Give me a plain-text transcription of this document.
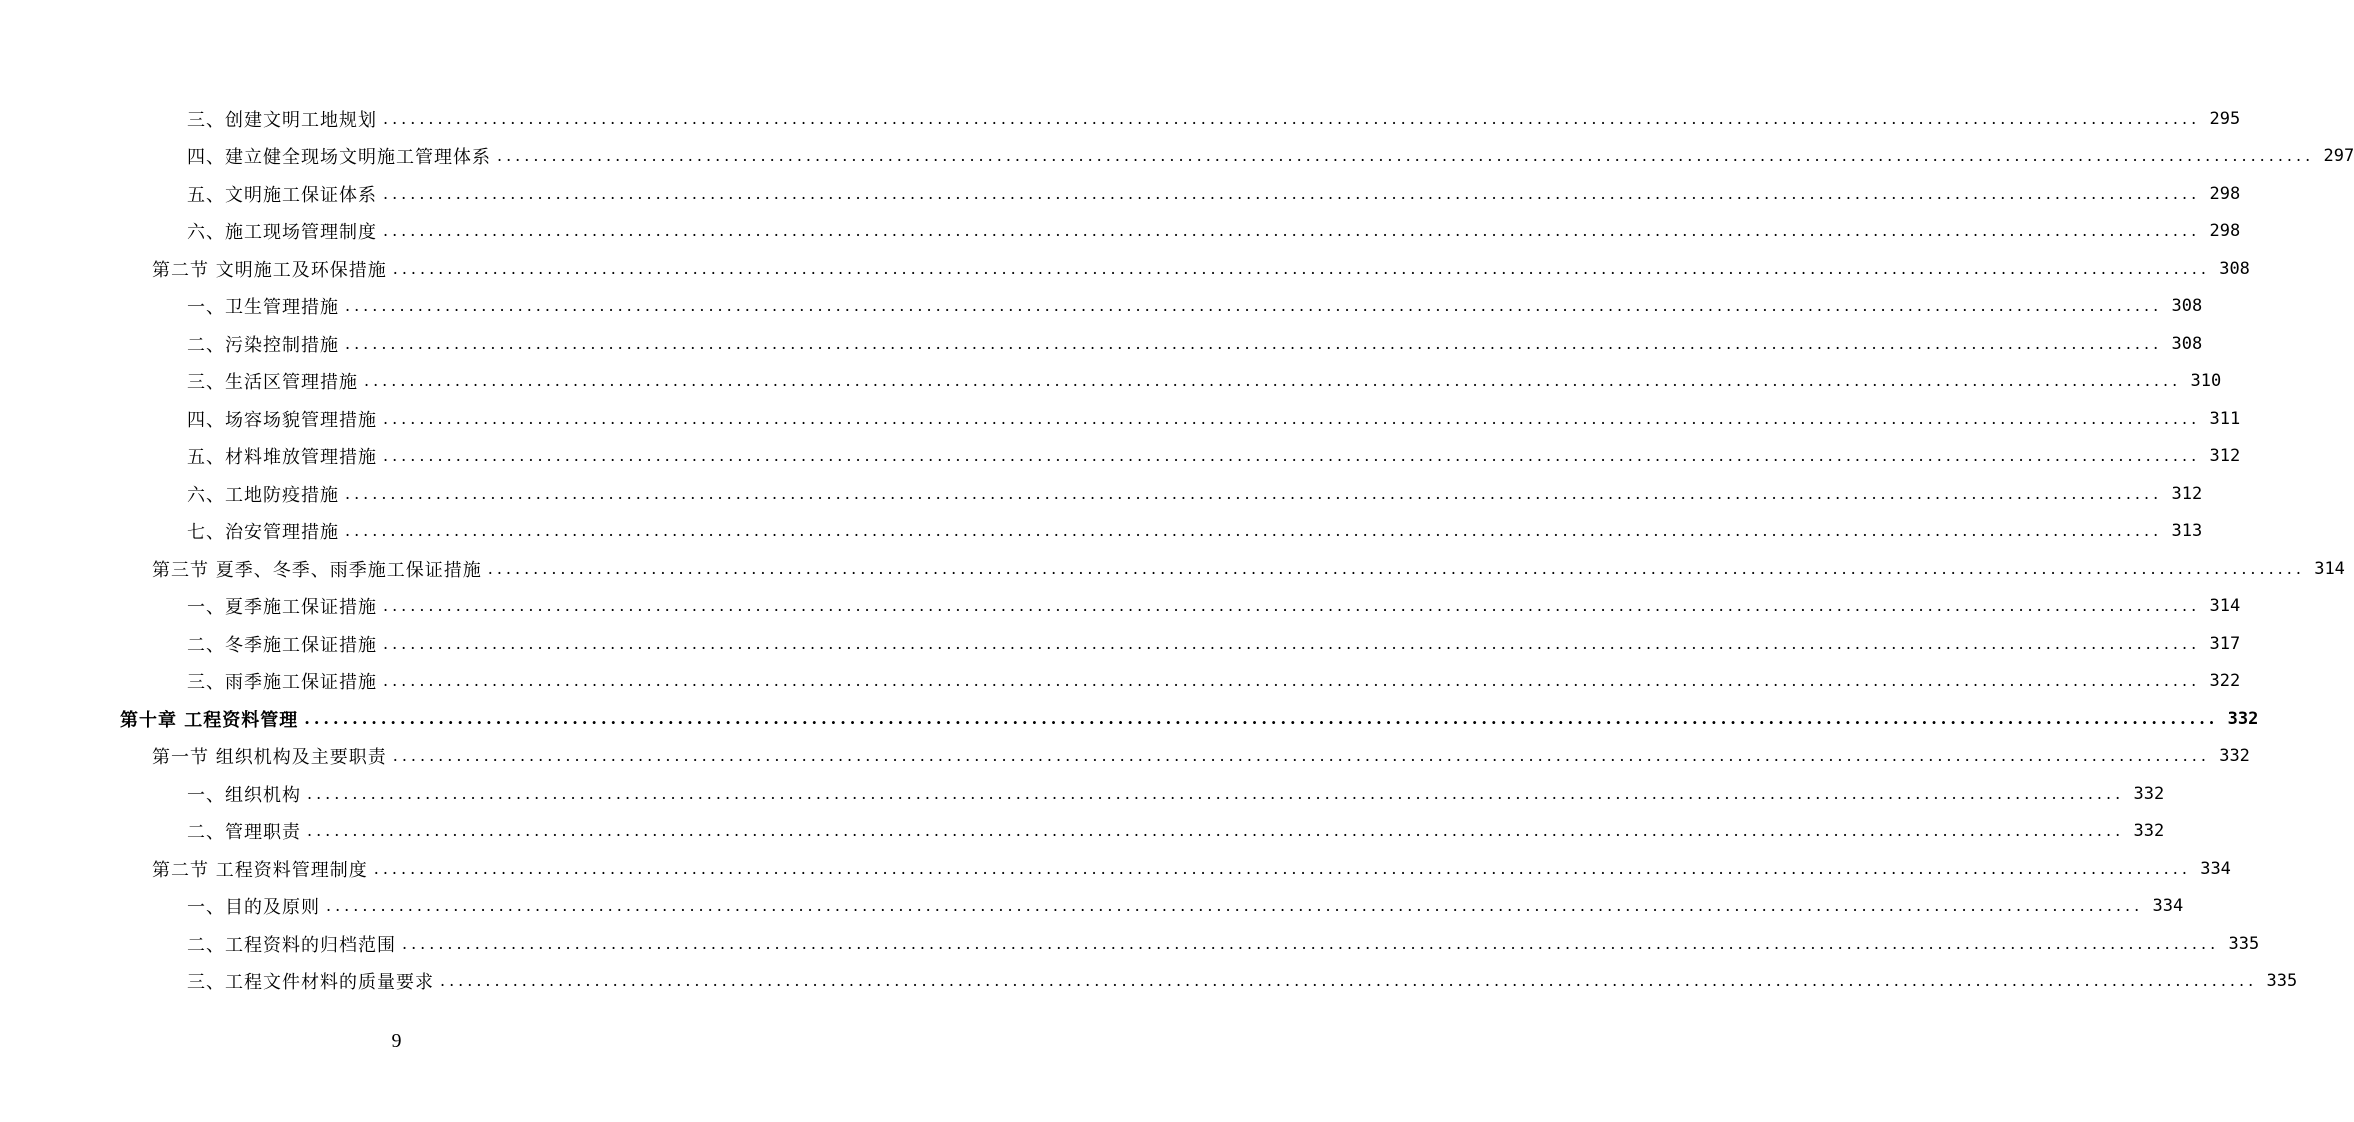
三、创建文明工地规划 ........................................................................................................................................................................................................ 295
四、建立健全现场文明施工管理体系 ........................................................................................................................................................................................................ 297
五、文明施工保证体系 ........................................................................................................................................................................................................ 298
六、施工现场管理制度 ........................................................................................................................................................................................................ 298
第二节 文明施工及环保措施 ........................................................................................................................................................................................................ 308
一、卫生管理措施 ........................................................................................................................................................................................................ 308
二、污染控制措施 ........................................................................................................................................................................................................ 308
三、生活区管理措施 ........................................................................................................................................................................................................ 310
四、场容场貌管理措施 ........................................................................................................................................................................................................ 311
五、材料堆放管理措施 ........................................................................................................................................................................................................ 312
六、工地防疫措施 ........................................................................................................................................................................................................ 312
七、治安管理措施 ........................................................................................................................................................................................................ 313
第三节 夏季、冬季、雨季施工保证措施 ........................................................................................................................................................................................................ 314
一、夏季施工保证措施 ........................................................................................................................................................................................................ 314
二、冬季施工保证措施 ........................................................................................................................................................................................................ 317
三、雨季施工保证措施 ........................................................................................................................................................................................................ 322
第十章 工程资料管理 ........................................................................................................................................................................................................ 332
第一节 组织机构及主要职责 ........................................................................................................................................................................................................ 332
一、组织机构 ........................................................................................................................................................................................................ 332
二、管理职责 ........................................................................................................................................................................................................ 332
第二节 工程资料管理制度 ........................................................................................................................................................................................................ 334
一、目的及原则 ........................................................................................................................................................................................................ 334
二、工程资料的归档范围 ........................................................................................................................................................................................................ 335
三、工程文件材料的质量要求 ........................................................................................................................................................................................................ 335
9
